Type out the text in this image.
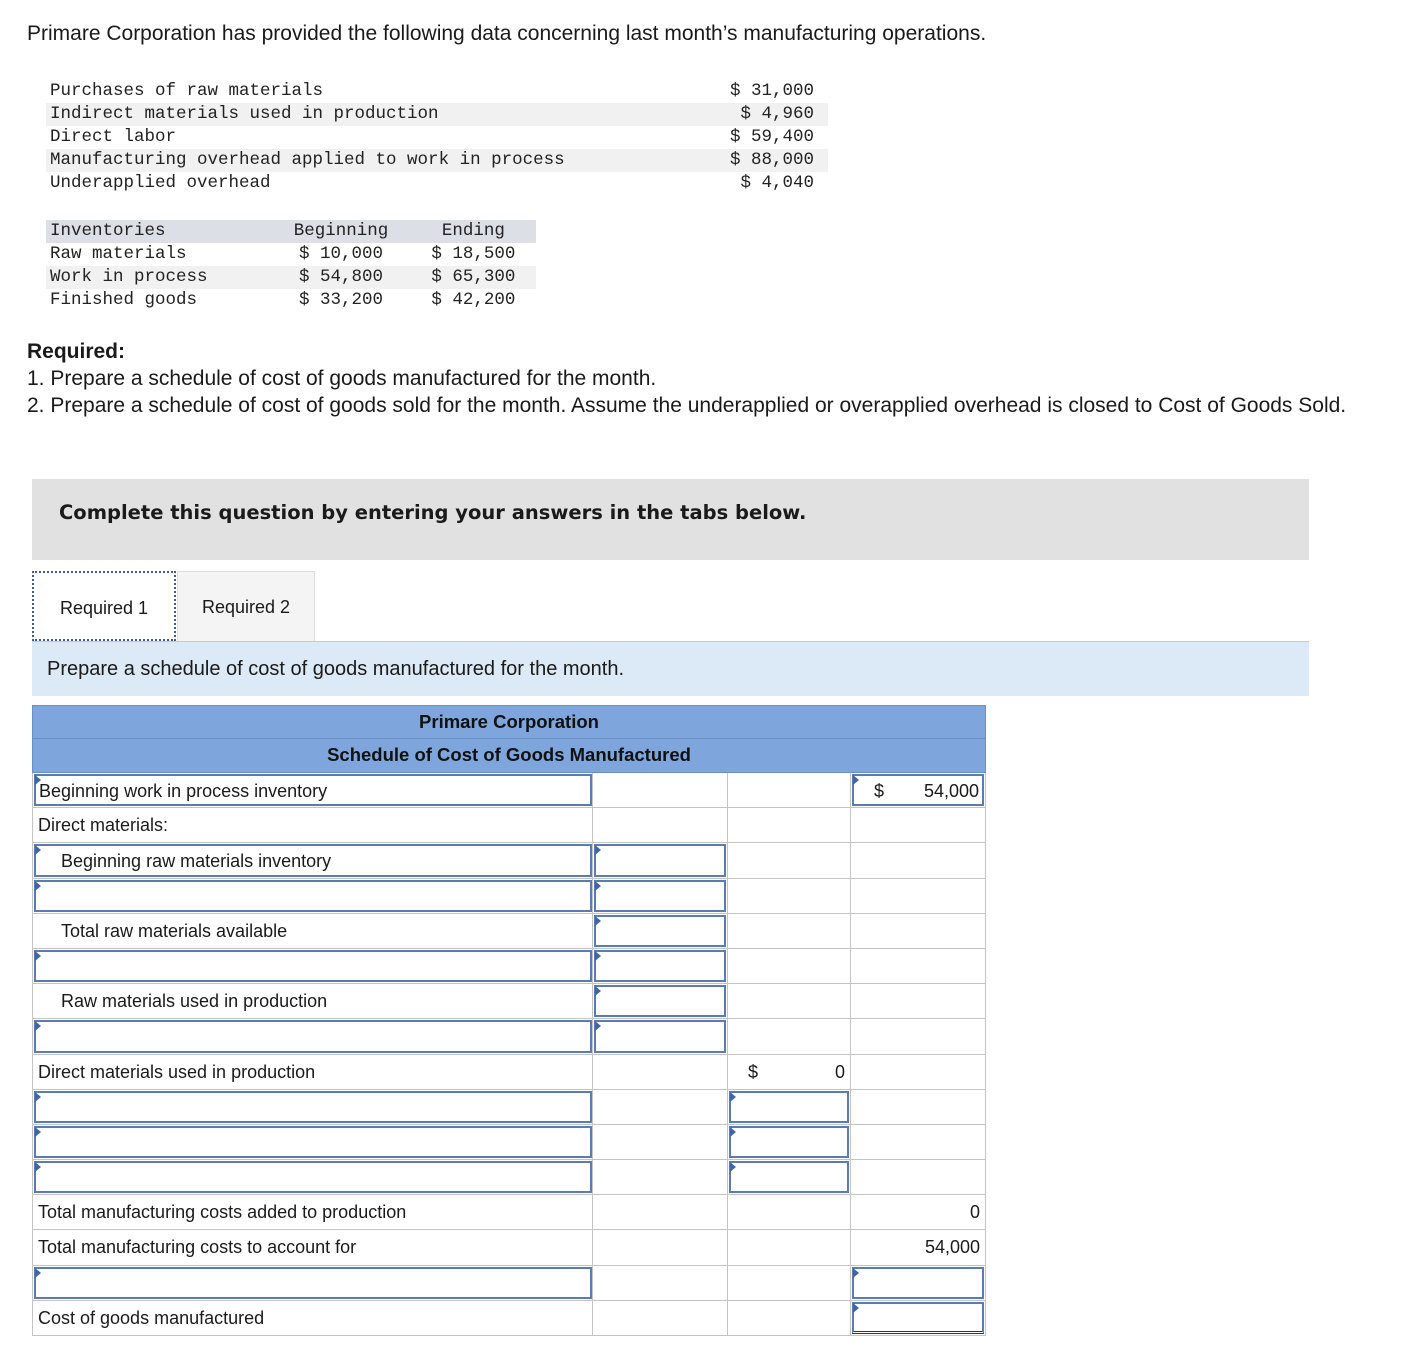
Primare Corporation has provided the following data concerning last month’s manufacturing operations.
Purchases of raw materials	$ 31,000
Indirect materials used in production	$ 4,960
Direct labor	$ 59,400
Manufacturing overhead applied to work in process	$ 88,000
Underapplied overhead	$ 4,040
Inventories	Beginning	Ending
Raw materials	$ 10,000	$ 18,500
Work in process	$ 54,800	$ 65,300
Finished goods	$ 33,200	$ 42,200
Required:
1. Prepare a schedule of cost of goods manufactured for the month.
2. Prepare a schedule of cost of goods sold for the month. Assume the underapplied or overapplied overhead is closed to Cost of Goods Sold.
Complete this question by entering your answers in the tabs below.
Required 1	Required 2
Prepare a schedule of cost of goods manufactured for the month.
Primare Corporation
Schedule of Cost of Goods Manufactured
Beginning work in process inventory	$ 54,000
Direct materials:
Beginning raw materials inventory
Total raw materials available
Raw materials used in production
Direct materials used in production	$	0
Total manufacturing costs added to production	0
Total manufacturing costs to account for	54,000
Cost of goods manufactured
